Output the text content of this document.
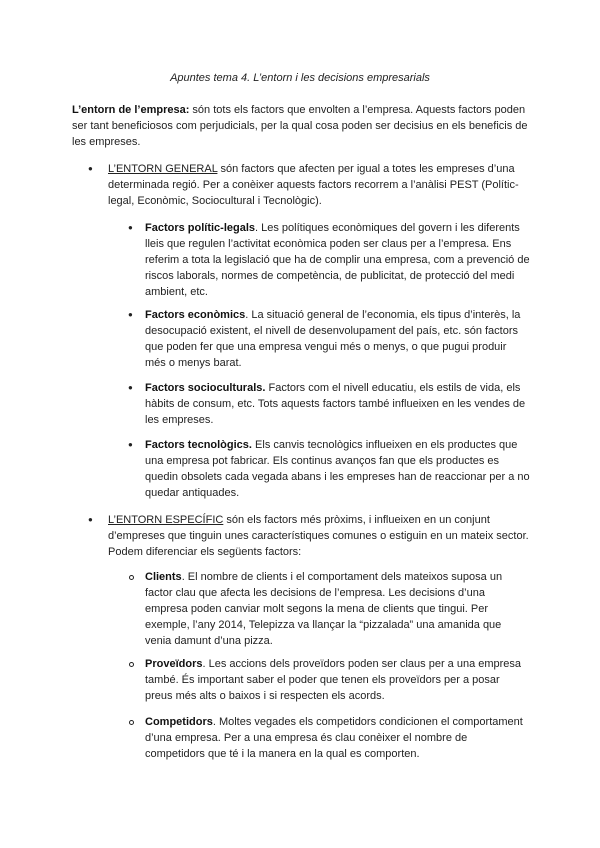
Apuntes tema 4. L’entorn i les decisions empresarials
L’entorn de l’empresa: són tots els factors que envolten a l’empresa. Aquests factors poden ser tant beneficiosos com perjudicials, per la qual cosa poden ser decisius en els beneficis de les empreses.
● L’ENTORN GENERAL són factors que afecten per igual a totes les empreses d’una determinada regió. Per a conèixer aquests factors recorrem a l’anàlisi PEST (Polític-legal, Econòmic, Sociocultural i Tecnològic).
● Factors polític-legals. Les polítiques econòmiques del govern i les diferents lleis que regulen l’activitat econòmica poden ser claus per a l’empresa. Ens referim a tota la legislació que ha de complir una empresa, com a prevenció de riscos laborals, normes de competència, de publicitat, de protecció del medi ambient, etc.
● Factors econòmics. La situació general de l’economia, els tipus d’interès, la desocupació existent, el nivell de desenvolupament del país, etc. són factors que poden fer que una empresa vengui més o menys, o que pugui produir més o menys barat.
● Factors socioculturals. Factors com el nivell educatiu, els estils de vida, els hàbits de consum, etc. Tots aquests factors també influeixen en les vendes de les empreses.
● Factors tecnològics. Els canvis tecnològics influeixen en els productes que una empresa pot fabricar. Els continus avanços fan que els productes es quedin obsolets cada vegada abans i les empreses han de reaccionar per a no quedar antiquades.
● L’ENTORN ESPECÍFIC són els factors més pròxims, i influeixen en un conjunt d’empreses que tinguin unes característiques comunes o estiguin en un mateix sector. Podem diferenciar els següents factors:
Clients. El nombre de clients i el comportament dels mateixos suposa un factor clau que afecta les decisions de l’empresa. Les decisions d’una empresa poden canviar molt segons la mena de clients que tingui. Per exemple, l’any 2014, Telepizza va llançar la “pizzalada” una amanida que venia damunt d’una pizza.
Proveïdors. Les accions dels proveïdors poden ser claus per a una empresa també. És important saber el poder que tenen els proveïdors per a posar preus més alts o baixos i si respecten els acords.
Competidors. Moltes vegades els competidors condicionen el comportament d’una empresa. Per a una empresa és clau conèixer el nombre de competidors que té i la manera en la qual es comporten.
